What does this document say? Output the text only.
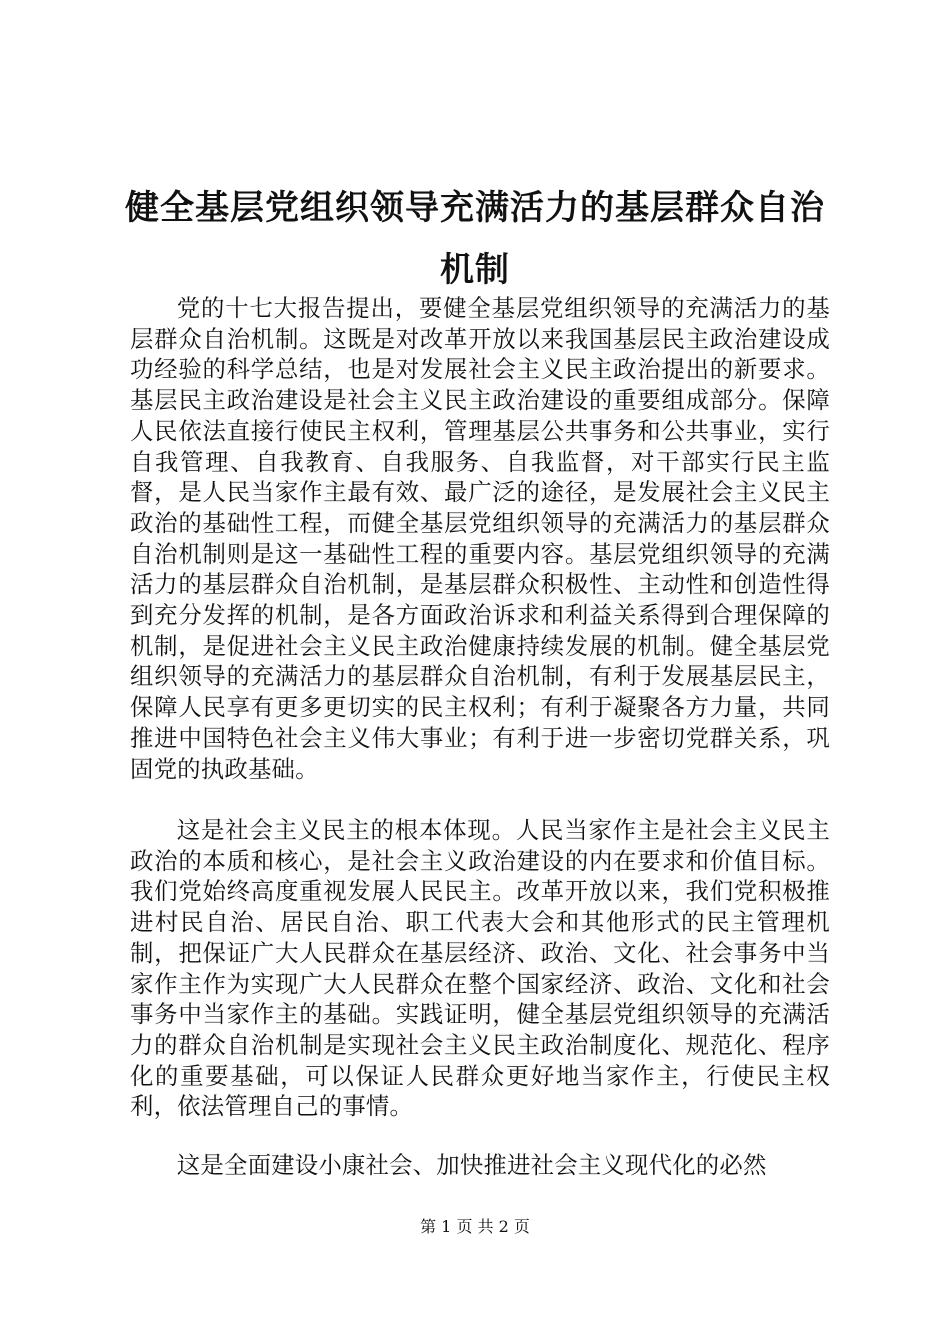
健全基层党组织领导充满活力的基层群众自治
机制

党的十七大报告提出，要健全基层党组织领导的充满活力的基层群众自治机制。这既是对改革开放以来我国基层民主政治建设成功经验的科学总结，也是对发展社会主义民主政治提出的新要求。基层民主政治建设是社会主义民主政治建设的重要组成部分。保障人民依法直接行使民主权利，管理基层公共事务和公共事业，实行自我管理、自我教育、自我服务、自我监督，对干部实行民主监督，是人民当家作主最有效、最广泛的途径，是发展社会主义民主政治的基础性工程，而健全基层党组织领导的充满活力的基层群众自治机制则是这一基础性工程的重要内容。基层党组织领导的充满活力的基层群众自治机制，是基层群众积极性、主动性和创造性得到充分发挥的机制，是各方面政治诉求和利益关系得到合理保障的机制，是促进社会主义民主政治健康持续发展的机制。健全基层党组织领导的充满活力的基层群众自治机制，有利于发展基层民主，保障人民享有更多更切实的民主权利；有利于凝聚各方力量，共同推进中国特色社会主义伟大事业；有利于进一步密切党群关系，巩固党的执政基础。

这是社会主义民主的根本体现。人民当家作主是社会主义民主政治的本质和核心，是社会主义政治建设的内在要求和价值目标。我们党始终高度重视发展人民民主。改革开放以来，我们党积极推进村民自治、居民自治、职工代表大会和其他形式的民主管理机制，把保证广大人民群众在基层经济、政治、文化、社会事务中当家作主作为实现广大人民群众在整个国家经济、政治、文化和社会事务中当家作主的基础。实践证明，健全基层党组织领导的充满活力的群众自治机制是实现社会主义民主政治制度化、规范化、程序化的重要基础，可以保证人民群众更好地当家作主，行使民主权利，依法管理自己的事情。

这是全面建设小康社会、加快推进社会主义现代化的必然

第 1 页 共 2 页
